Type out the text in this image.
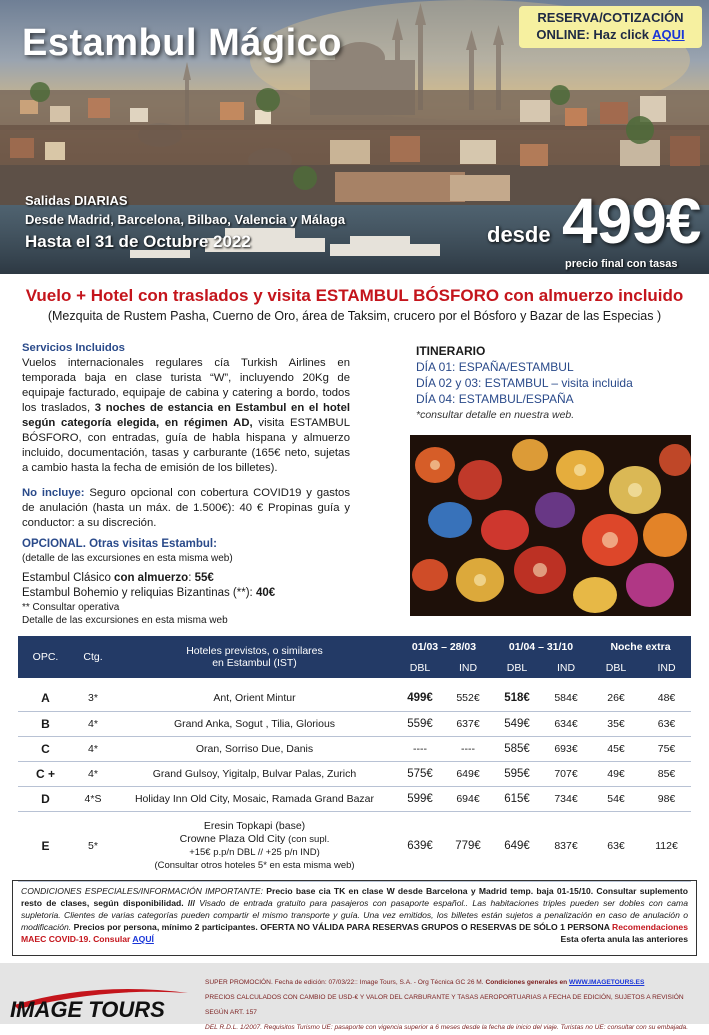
Estambul Mágico
RESERVA/COTIZACIÓN
ONLINE: Haz click AQUI
Salidas DIARIAS
Desde Madrid, Barcelona, Bilbao, Valencia y Málaga
Hasta el 31 de Octubre 2022	desde 499€
precio final con tasas
Vuelo + Hotel con traslados y visita ESTAMBUL BÓSFORO con almuerzo incluido
(Mezquita de Rustem Pasha, Cuerno de Oro, área de Taksim, crucero por el Bósforo y Bazar de las Especias )
Servicios Incluidos

Vuelos internacionales regulares cía Turkish Airlines en temporada baja en clase turista “W”, incluyendo 20Kg de equipaje facturado, equipaje de cabina y catering a bordo, todos los traslados, 3 noches de estancia en Estambul en el hotel según categoría elegida, en régimen AD, visita ESTAMBUL BÓSFORO, con entradas, guía de habla hispana y almuerzo incluido, documentación, tasas y carburante (165€ neto, sujetas a cambio hasta la fecha de emisión de los billetes).

No incluye: Seguro opcional con cobertura COVID19 y gastos de anulación (hasta un máx. de 1.500€): 40 € Propinas guía y conductor: a su discreción.

OPCIONAL. Otras visitas Estambul:
(detalle de las excursiones en esta misma web)
Estambul Clásico con almuerzo: 55€
Estambul Bohemio y reliquias Bizantinas (**): 40€
** Consultar operativa
Detalle de las excursiones en esta misma web
ITINERARIO
DÍA 01: ESPAÑA/ESTAMBUL
DÍA 02 y 03: ESTAMBUL – visita incluida
DÍA 04: ESTAMBUL/ESPAÑA
*consultar detalle en nuestra web.
OPC.	Ctg.	Hoteles previstos, o similares
en Estambul (IST)	01/03 – 28/03		01/04 – 31/10		Noche extra	
			DBL	IND	DBL	IND	DBL	IND

A	3*	Ant, Orient Mintur	499€	552€	518€	584€	26€	48€
B	4*	Grand Anka, Sogut , Tilia, Glorious	559€	637€	549€	634€	35€	63€
C	4*	Oran, Sorriso Due, Danis	----	----	585€	693€	45€	75€
C +	4*	Grand Gulsoy, Yigitalp, Bulvar Palas, Zurich	575€	649€	595€	707€	49€	85€
D	4*S	Holiday Inn Old City, Mosaic, Ramada Grand Bazar	599€	694€	615€	734€	54€	98€
E	5*	Eresin Topkapi (base)
Crowne Plaza Old City (con supl.
+15€ p.p/n DBL // +25 p/n IND)
(Consultar otros hoteles 5* en esta misma web)	639€	779€	649€	837€	63€	112€
CONDICIONES ESPECIALES/INFORMACIÓN IMPORTANTE: Precio base cia TK en clase W desde Barcelona y Madrid temp. baja 01-15/10. Consultar suplemento resto de clases, según disponibilidad. /// Visado de entrada gratuito para pasajeros con pasaporte español.. Las habitaciones triples pueden ser dobles con cama supletoria. Clientes de varias categorías pueden compartir el mismo transporte y guía. Una vez emitidos, los billetes están sujetos a penalización en caso de anulación o modificación. Precios por persona, mínimo 2 participantes. OFERTA NO VÁLIDA PARA RESERVAS GRUPOS O RESERVAS DE SÓLO 1 PERSONA Recomendaciones MAEC COVID-19. Consular AQUÍ	Esta oferta anula las anteriores
IMAGE TOURS
SUPER PROMOCIÓN. Fecha de edición: 07/03/22:: Image Tours, S.A. - Org Técnica GC 26 M. Condiciones generales en WWW.IMAGETOURS.ES
PRECIOS CALCULADOS CON CAMBIO DE USD-€ Y VALOR DEL CARBURANTE Y TASAS AEROPORTUARIAS A FECHA DE EDICIÓN, SUJETOS A REVISIÓN SEGÚN ART. 157
DEL R.D.L. 1/2007. Requisitos Turismo UE: pasaporte con vigencia superior a 6 meses desde la fecha de inicio del viaje. Turistas no UE: consultar con su embajada.
